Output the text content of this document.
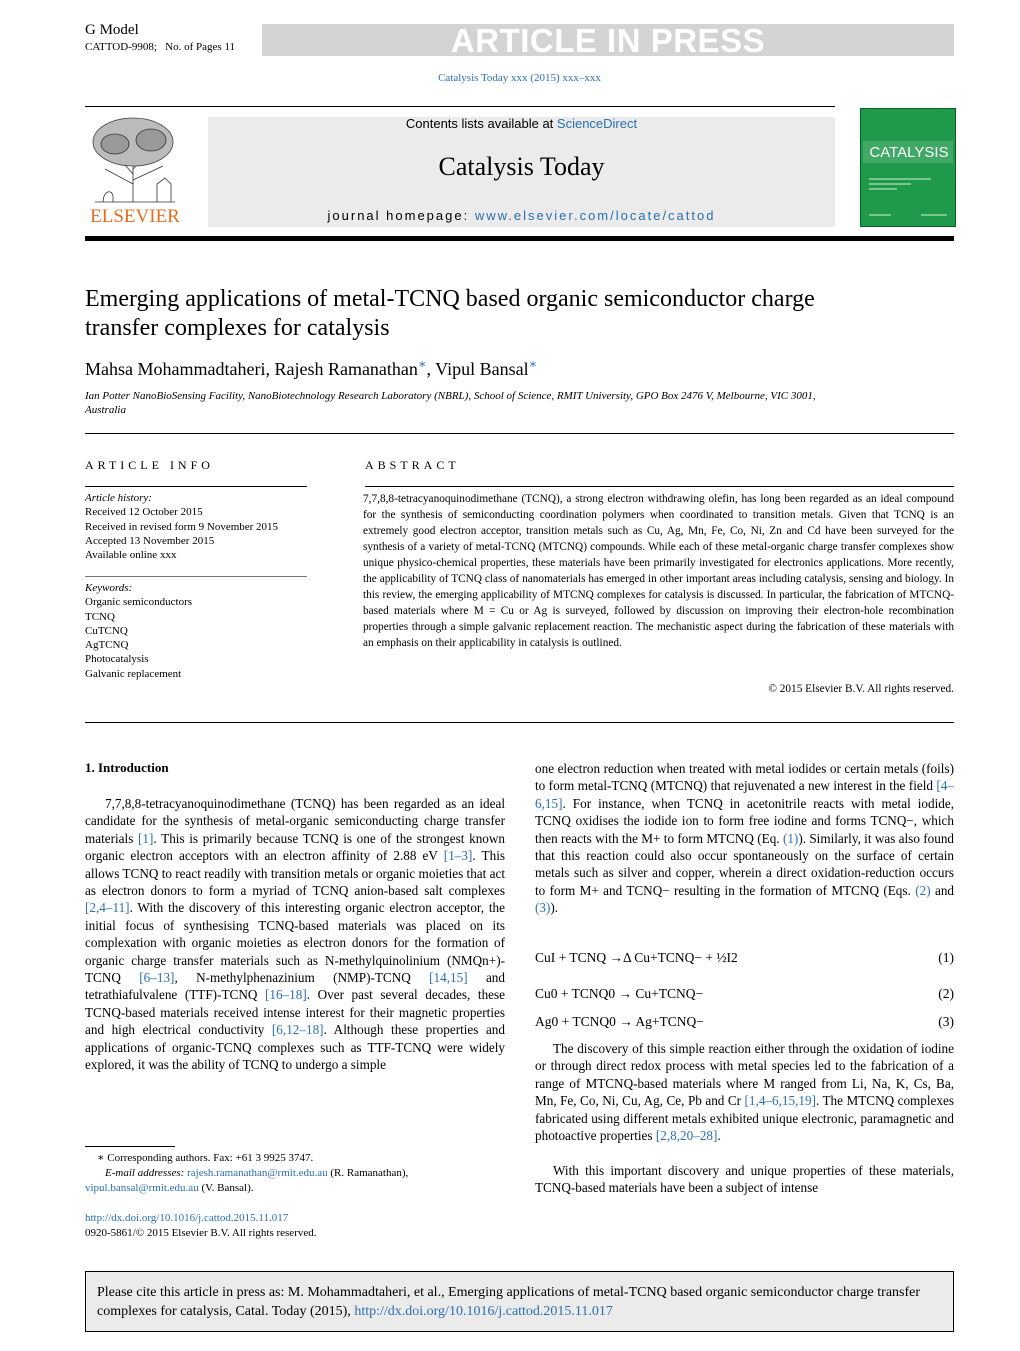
G Model
CATTOD-9908; No. of Pages 11	ARTICLE IN PRESS
Catalysis Today xxx (2015) xxx–xxx
ELSEVIER
Contents lists available at ScienceDirect
Catalysis Today
journal homepage: www.elsevier.com/locate/cattod
CATALYSIS
Emerging applications of metal-TCNQ based organic semiconductor charge transfer complexes for catalysis
Mahsa Mohammadtaheri, Rajesh Ramanathan∗, Vipul Bansal∗
Ian Potter NanoBioSensing Facility, NanoBiotechnology Research Laboratory (NBRL), School of Science, RMIT University, GPO Box 2476 V, Melbourne, VIC 3001, Australia
ARTICLE INFO	ABSTRACT
Article history:
Received 12 October 2015
Received in revised form 9 November 2015
Accepted 13 November 2015
Available online xxx
Keywords:
Organic semiconductors
TCNQ
CuTCNQ
AgTCNQ
Photocatalysis
Galvanic replacement
7,7,8,8-tetracyanoquinodimethane (TCNQ), a strong electron withdrawing olefin, has long been regarded as an ideal compound for the synthesis of semiconducting coordination polymers when coordinated to transition metals. Given that TCNQ is an extremely good electron acceptor, transition metals such as Cu, Ag, Mn, Fe, Co, Ni, Zn and Cd have been surveyed for the synthesis of a variety of metal-TCNQ (MTCNQ) compounds. While each of these metal-organic charge transfer complexes show unique physico-chemical properties, these materials have been primarily investigated for electronics applications. More recently, the applicability of TCNQ class of nanomaterials has emerged in other important areas including catalysis, sensing and biology. In this review, the emerging applicability of MTCNQ complexes for catalysis is discussed. In particular, the fabrication of MTCNQ-based materials where M = Cu or Ag is surveyed, followed by discussion on improving their electron-hole recombination properties through a simple galvanic replacement reaction. The mechanistic aspect during the fabrication of these materials with an emphasis on their applicability in catalysis is outlined.
© 2015 Elsevier B.V. All rights reserved.
1. Introduction
7,7,8,8-tetracyanoquinodimethane (TCNQ) has been regarded as an ideal candidate for the synthesis of metal-organic semiconducting charge transfer materials [1]. This is primarily because TCNQ is one of the strongest known organic electron acceptors with an electron affinity of 2.88 eV [1–3]. This allows TCNQ to react readily with transition metals or organic moieties that act as electron donors to form a myriad of TCNQ anion-based salt complexes [2,4–11]. With the discovery of this interesting organic electron acceptor, the initial focus of synthesising TCNQ-based materials was placed on its complexation with organic moieties as electron donors for the formation of organic charge transfer materials such as N-methylquinolinium (NMQn+)-TCNQ [6–13], N-methylphenazinium (NMP)-TCNQ [14,15] and tetrathiafulvalene (TTF)-TCNQ [16–18]. Over past several decades, these TCNQ-based materials received intense interest for their magnetic properties and high electrical conductivity [6,12–18]. Although these properties and applications of organic-TCNQ complexes such as TTF-TCNQ were widely explored, it was the ability of TCNQ to undergo a simple
one electron reduction when treated with metal iodides or certain metals (foils) to form metal-TCNQ (MTCNQ) that rejuvenated a new interest in the field [4–6,15]. For instance, when TCNQ in acetonitrile reacts with metal iodide, TCNQ oxidises the iodide ion to form free iodine and forms TCNQ−, which then reacts with the M+ to form MTCNQ (Eq. (1)). Similarly, it was also found that this reaction could also occur spontaneously on the surface of certain metals such as silver and copper, wherein a direct oxidation-reduction occurs to form M+ and TCNQ− resulting in the formation of MTCNQ (Eqs. (2) and (3)).
CuI + TCNQ →Δ Cu+TCNQ− + ½I2	(1)
Cu0 + TCNQ0 → Cu+TCNQ−	(2)
Ag0 + TCNQ0 → Ag+TCNQ−	(3)
The discovery of this simple reaction either through the oxidation of iodine or through direct redox process with metal species led to the fabrication of a range of MTCNQ-based materials where M ranged from Li, Na, K, Cs, Ba, Mn, Fe, Co, Ni, Cu, Ag, Ce, Pb and Cr [1,4–6,15,19]. The MTCNQ complexes fabricated using different metals exhibited unique electronic, paramagnetic and photoactive properties [2,8,20–28].
With this important discovery and unique properties of these materials, TCNQ-based materials have been a subject of intense
∗ Corresponding authors. Fax: +61 3 9925 3747.
E-mail addresses: rajesh.ramanathan@rmit.edu.au (R. Ramanathan),
vipul.bansal@rmit.edu.au (V. Bansal).
http://dx.doi.org/10.1016/j.cattod.2015.11.017
0920-5861/© 2015 Elsevier B.V. All rights reserved.
Please cite this article in press as: M. Mohammadtaheri, et al., Emerging applications of metal-TCNQ based organic semiconductor charge transfer complexes for catalysis, Catal. Today (2015), http://dx.doi.org/10.1016/j.cattod.2015.11.017
